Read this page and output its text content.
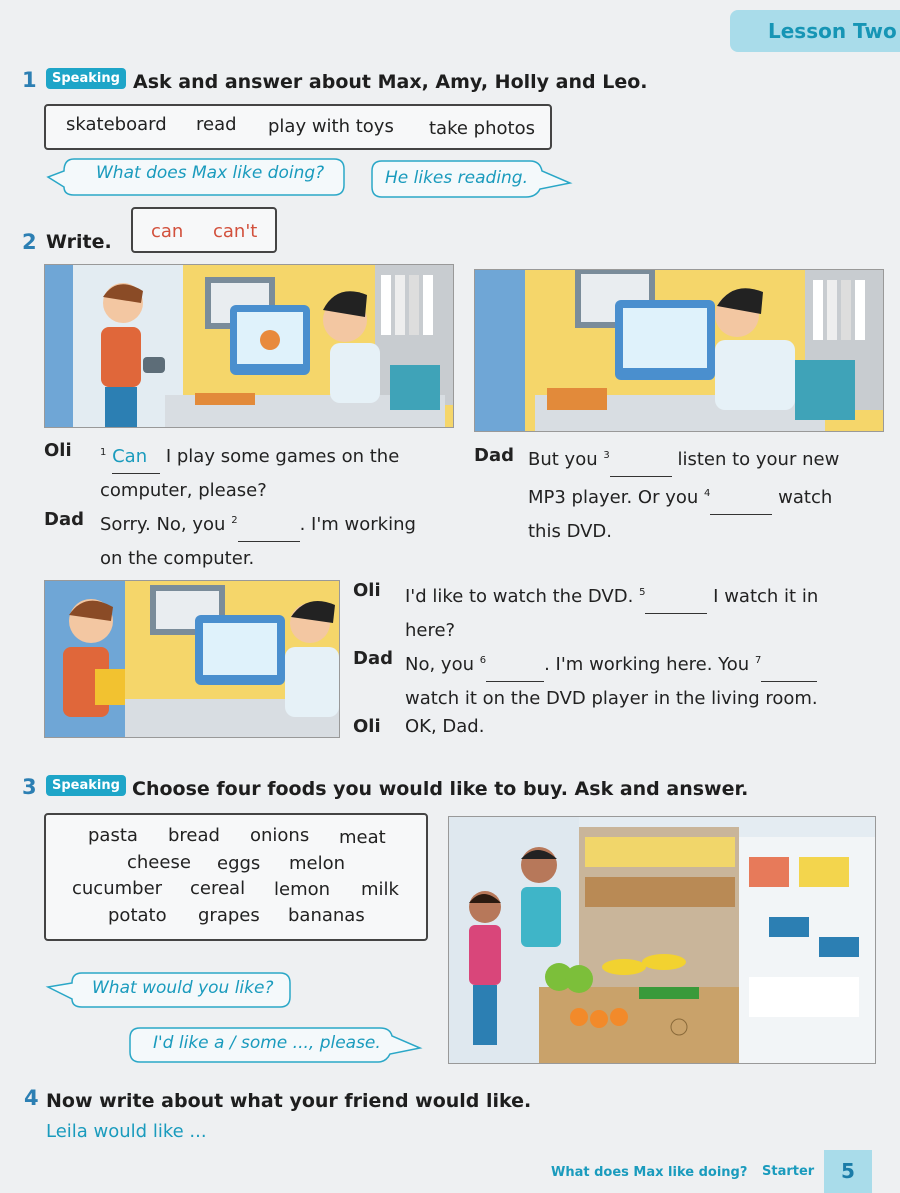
Lesson Two
1	Speaking Ask and answer about Max, Amy, Holly and Leo.
skateboard read play with toys take photos
What does Max like doing?	He likes reading.
2 Write. can can't
Oli	$^1$ Can I play some games on the
computer, please?
Dad Sorry. No, you $^2$	. I'm working
on the computer.
Dad But you $^3$	listen to your new
MP3 player. Or you $^4$	watch
this DVD.
Oli I'd like to watch the DVD. $^5$	I watch it in
here?
Dad No, you $^6$	. I'm working here. You $^7$
watch it on the DVD player in the living room.
Oli OK, Dad.
3	Speaking Choose four foods you would like to buy. Ask and answer.
pasta bread onions meat
cheese eggs melon
cucumber cereal lemon milk
potato grapes bananas
What would you like?
I'd like a / some ..., please.
4 Now write about what your friend would like.
Leila would like ...
What does Max like doing? Starter	5
